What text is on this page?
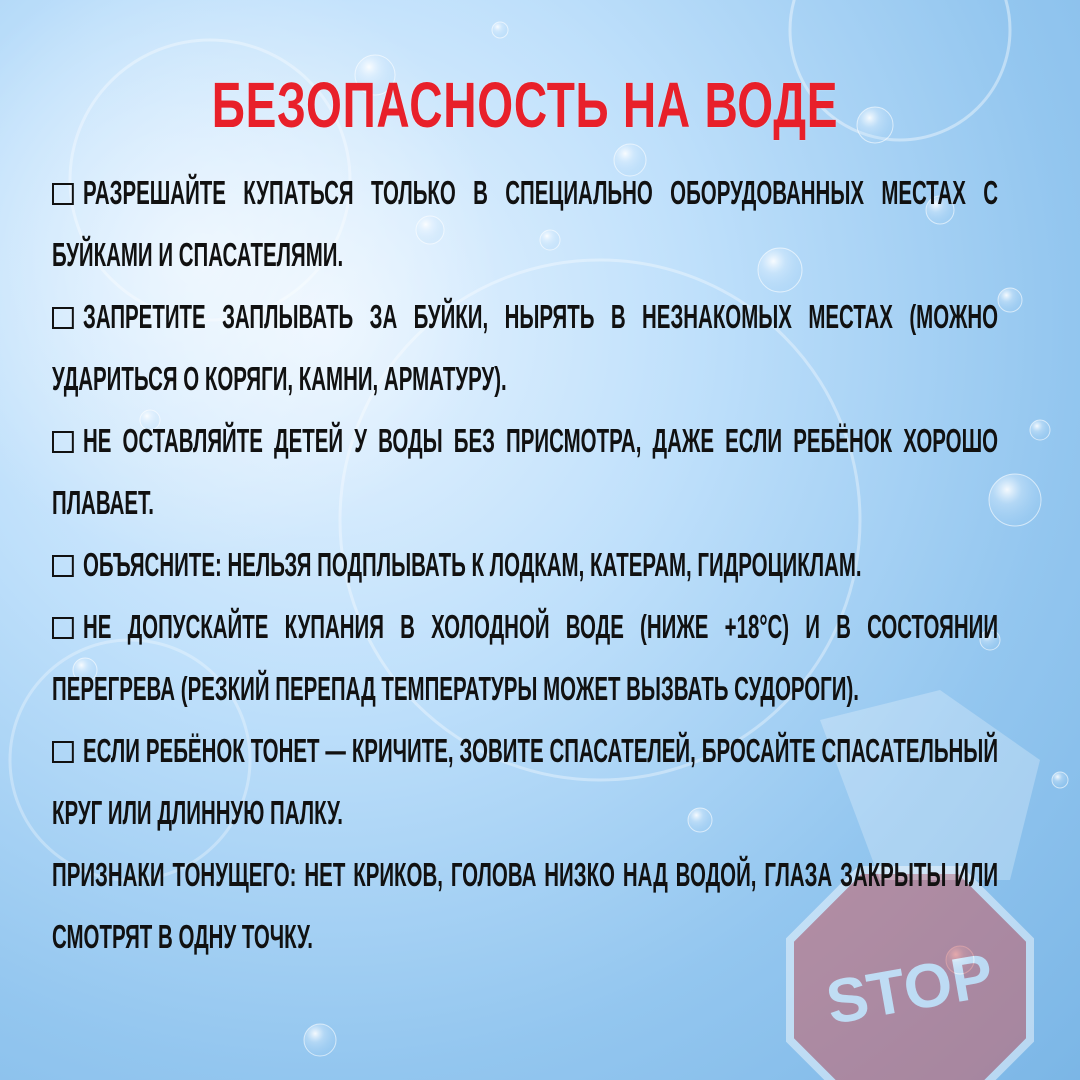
STOP
БЕЗОПАСНОСТЬ НА ВОДЕ
РАЗРЕШАЙТЕ КУПАТЬСЯ ТОЛЬКО В СПЕЦИАЛЬНО ОБОРУДОВАННЫХ МЕСТАХ С БУЙКАМИ И СПАСАТЕЛЯМИ.
ЗАПРЕТИТЕ ЗАПЛЫВАТЬ ЗА БУЙКИ, НЫРЯТЬ В НЕЗНАКОМЫХ МЕСТАХ (МОЖНО УДАРИТЬСЯ О КОРЯГИ, КАМНИ, АРМАТУРУ).
НЕ ОСТАВЛЯЙТЕ ДЕТЕЙ У ВОДЫ БЕЗ ПРИСМОТРА, ДАЖЕ ЕСЛИ РЕБЁНОК ХОРОШО ПЛАВАЕТ.
ОБЪЯСНИТЕ: НЕЛЬЗЯ ПОДПЛЫВАТЬ К ЛОДКАМ, КАТЕРАМ, ГИДРОЦИКЛАМ.
НЕ ДОПУСКАЙТЕ КУПАНИЯ В ХОЛОДНОЙ ВОДЕ (НИЖЕ +18°C) И В СОСТОЯНИИ ПЕРЕГРЕВА (РЕЗКИЙ ПЕРЕПАД ТЕМПЕРАТУРЫ МОЖЕТ ВЫЗВАТЬ СУДОРОГИ).
ЕСЛИ РЕБЁНОК ТОНЕТ — КРИЧИТЕ, ЗОВИТЕ СПАСАТЕЛЕЙ, БРОСАЙТЕ СПАСАТЕЛЬНЫЙ КРУГ ИЛИ ДЛИННУЮ ПАЛКУ.
ПРИЗНАКИ ТОНУЩЕГО: НЕТ КРИКОВ, ГОЛОВА НИЗКО НАД ВОДОЙ, ГЛАЗА ЗАКРЫТЫ ИЛИ СМОТРЯТ В ОДНУ ТОЧКУ.
